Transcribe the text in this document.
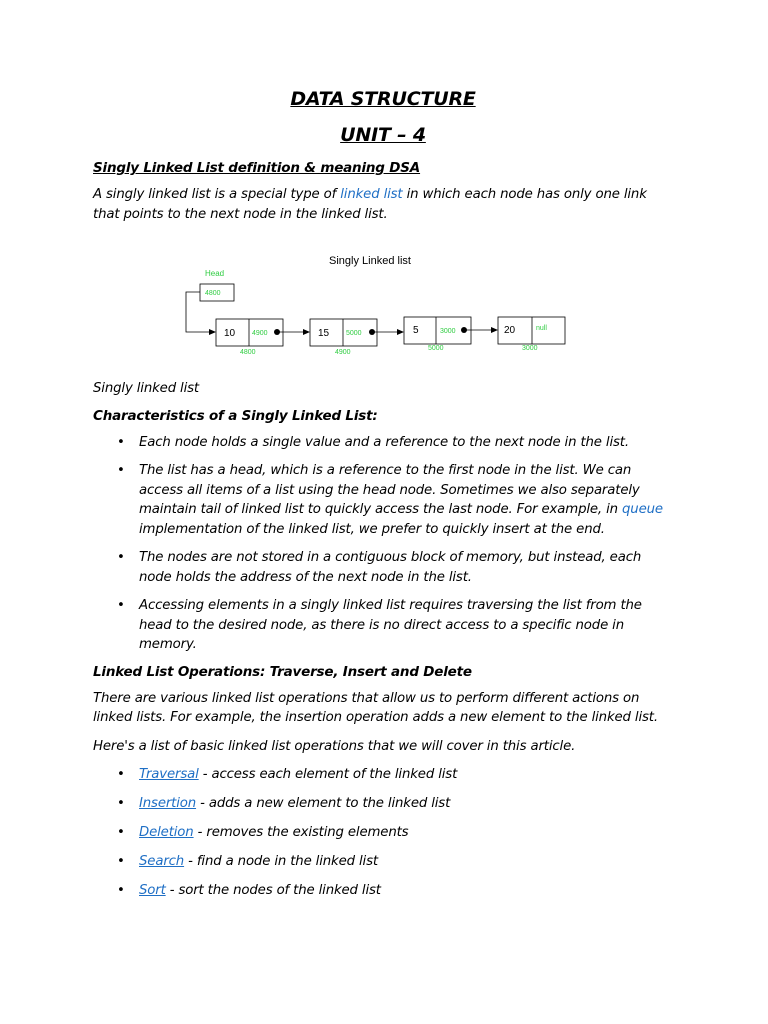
DATA STRUCTURE
UNIT – 4
Singly Linked List definition & meaning DSA

A singly linked list is a special type of linked list in which each node has only one link that points to the next node in the linked list.

Singly linked list

Characteristics of a Singly Linked List:
• Each node holds a single value and a reference to the next node in the list.
• The list has a head, which is a reference to the first node in the list. We can access all items of a list using the head node. Sometimes we also separately maintain tail of linked list to quickly access the last node. For example, in queue implementation of the linked list, we prefer to quickly insert at the end.
• The nodes are not stored in a contiguous block of memory, but instead, each node holds the address of the next node in the list.
• Accessing elements in a singly linked list requires traversing the list from the head to the desired node, as there is no direct access to a specific node in memory.
Linked List Operations: Traverse, Insert and Delete

There are various linked list operations that allow us to perform different actions on linked lists. For example, the insertion operation adds a new element to the linked list.

Here's a list of basic linked list operations that we will cover in this article.

• Traversal - access each element of the linked list
• Insertion - adds a new element to the linked list
• Deletion - removes the existing elements
• Search - find a node in the linked list
• Sort - sort the nodes of the linked list
Singly Linked list
Head
4800
10 4900
4800
15 5000
4900
5	3000
5000
20	null
3000
